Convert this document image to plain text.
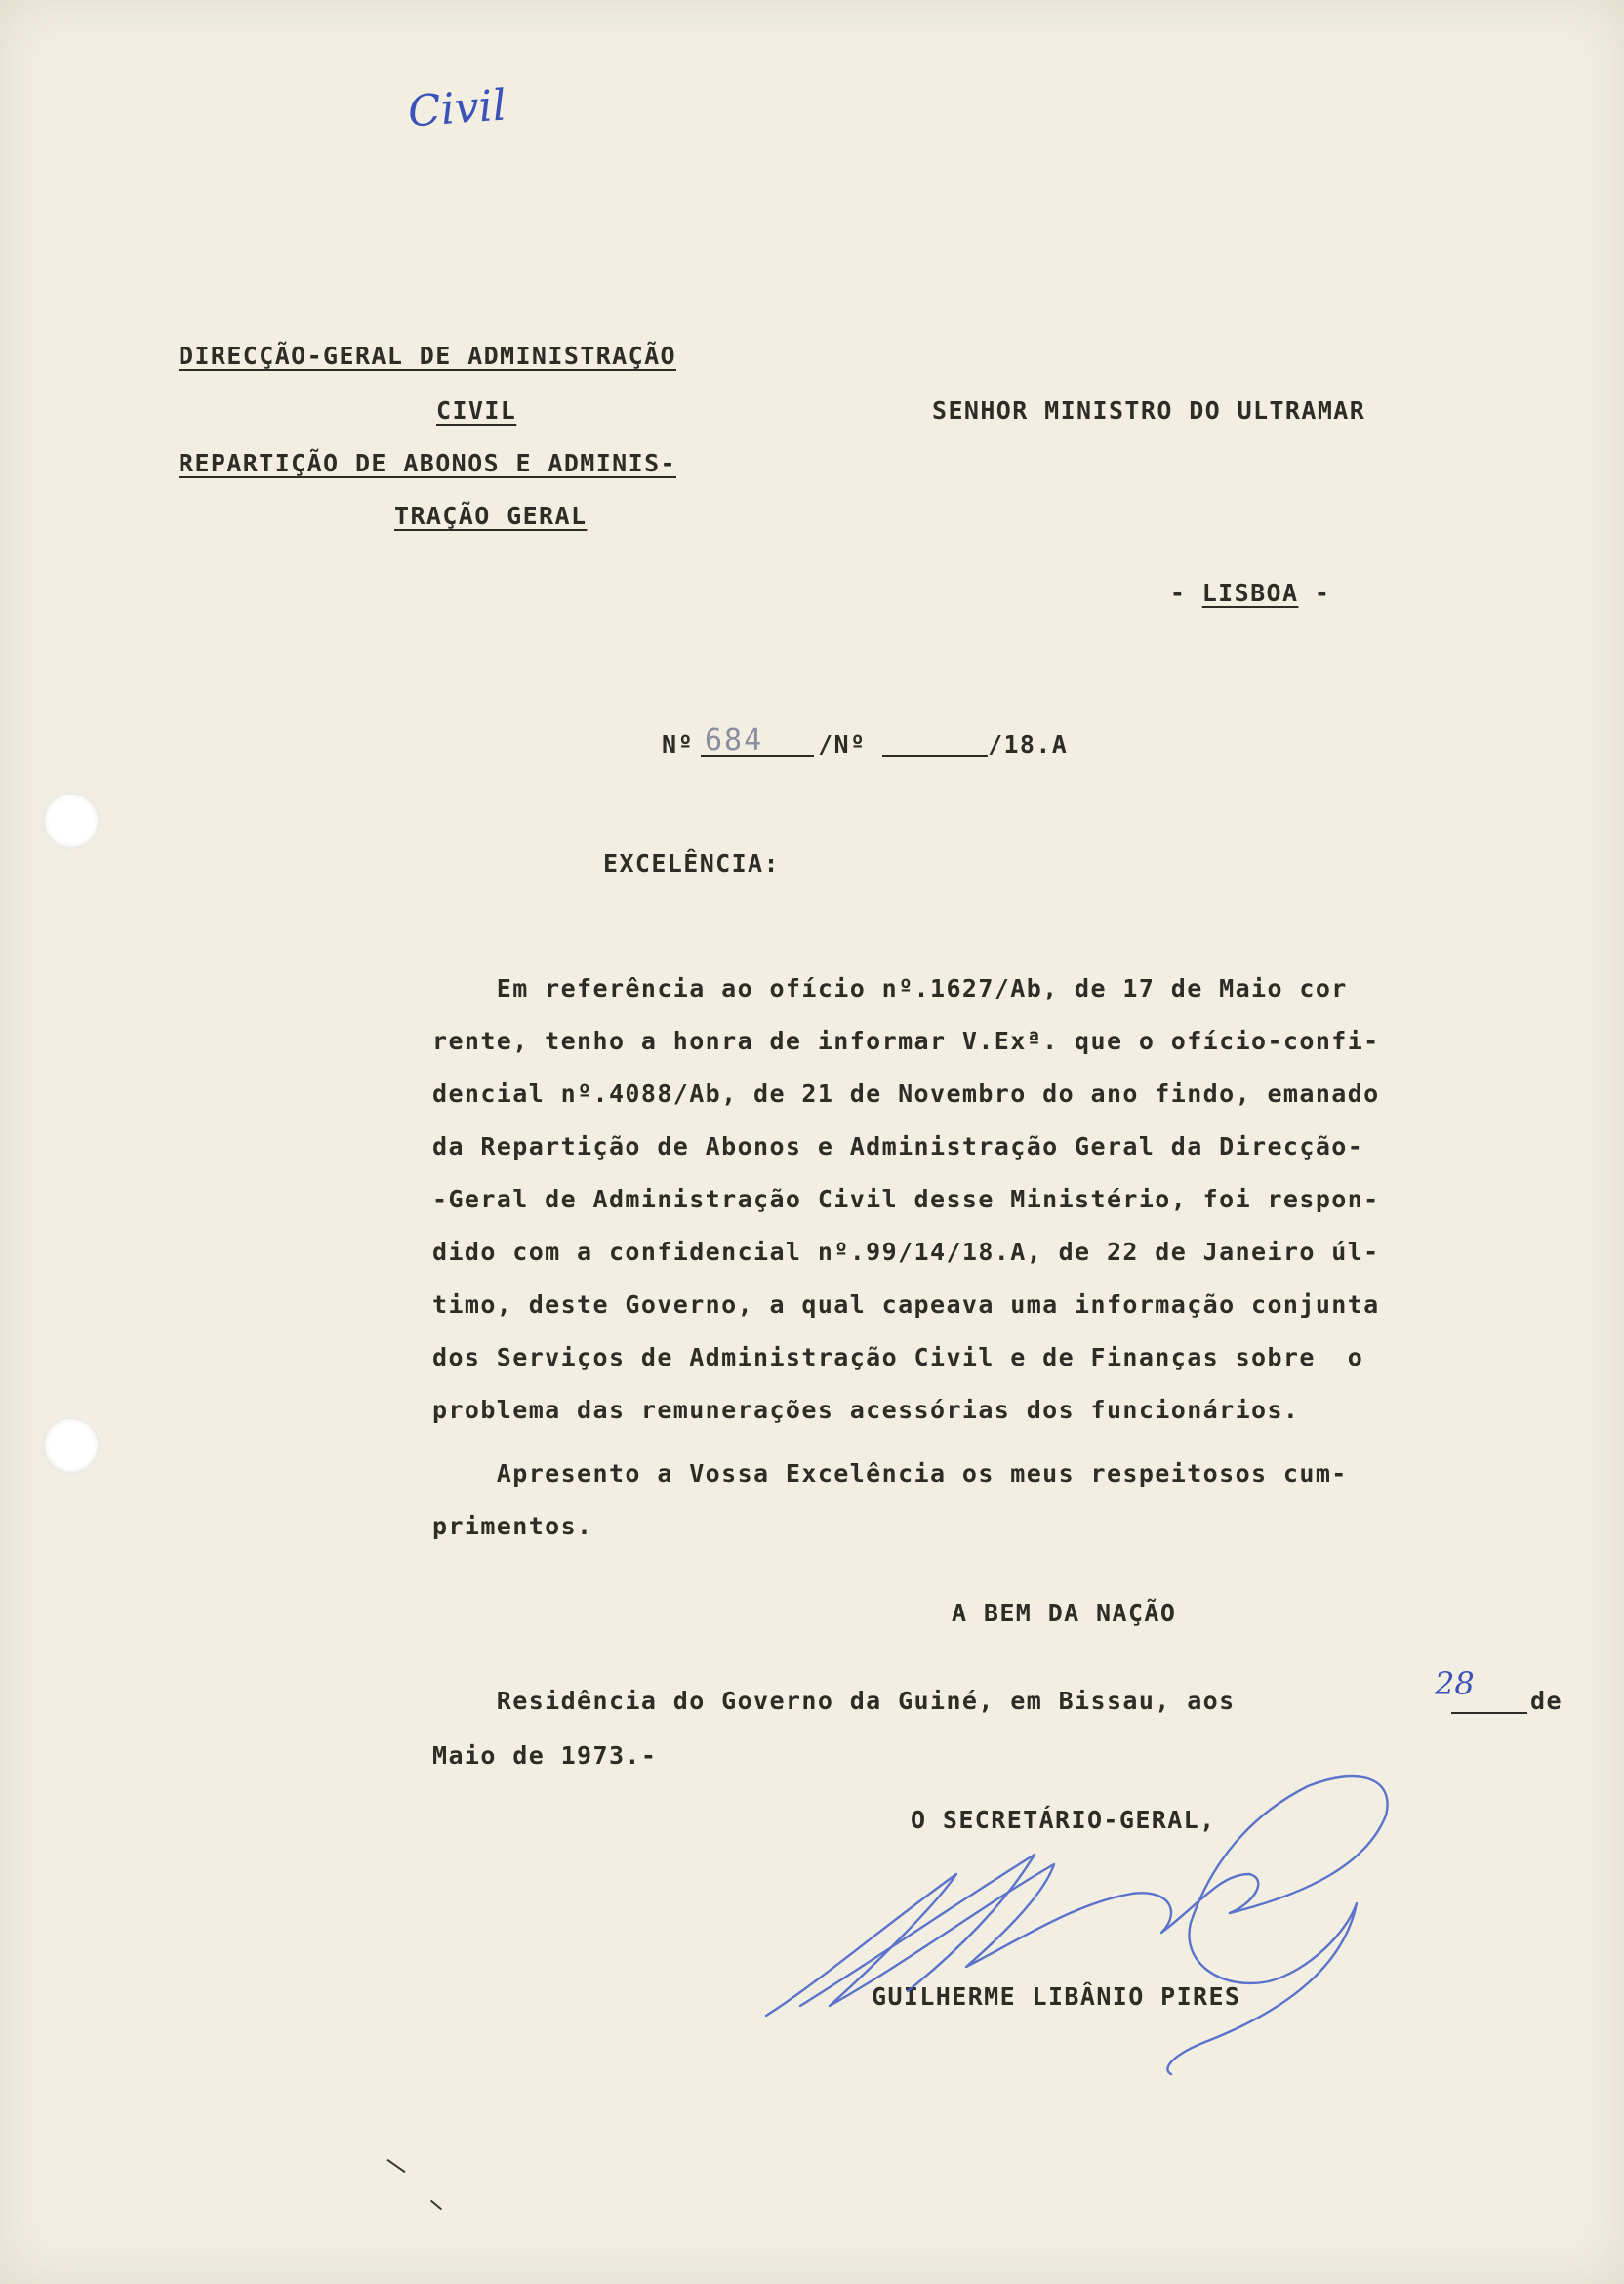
Civil
DIRECÇÃO-GERAL DE ADMINISTRAÇÃO
CIVIL
REPARTIÇÃO DE ABONOS E ADMINIS-
TRAÇÃO GERAL
SENHOR MINISTRO DO ULTRAMAR

- LISBOA -

Nº 684 /Nº	/18.A
EXCELÊNCIA:
Em referência ao ofício nº.1627/Ab, de 17 de Maio cor
rente, tenho a honra de informar V.Exª. que o ofício-confi-
dencial nº.4088/Ab, de 21 de Novembro do ano findo, emanado
da Repartição de Abonos e Administração Geral da Direcção-
-Geral de Administração Civil desse Ministério, foi respon-
dido com a confidencial nº.99/14/18.A, de 22 de Janeiro úl-
timo, deste Governo, a qual capeava uma informação conjunta
dos Serviços de Administração Civil e de Finanças sobre  o
problema das remunerações acessórias dos funcionários.
Apresento a Vossa Excelência os meus respeitosos cum-
primentos.
A BEM DA NAÇÃO
Residência do Governo da Guiné, em Bissau, aos	28 de
Maio de 1973.-
O SECRETÁRIO-GERAL,
GUILHERME LIBÂNIO PIRES
